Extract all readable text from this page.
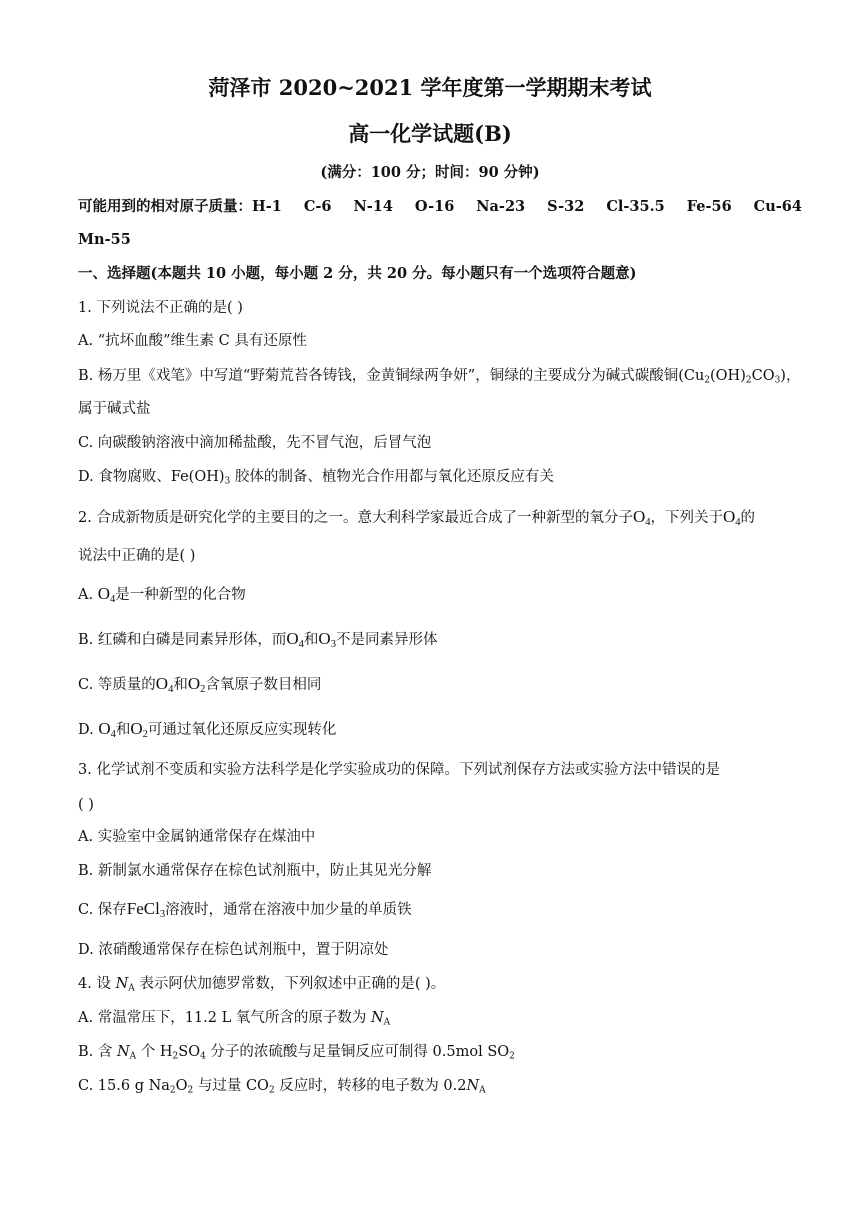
菏泽市 2020~2021 学年度第一学期期末考试
高一化学试题(B)
(满分：100 分；时间：90 分钟)
可能用到的相对原子质量：H-1 C-6 N-14 O-16 Na-23 S-32 Cl-35.5 Fe-56 Cu-64
Mn-55
一、选择题(本题共 10 小题，每小题 2 分，共 20 分。每小题只有一个选项符合题意)
1. 下列说法不正确的是( )
A. “抗坏血酸”维生素 C 具有还原性
B. 杨万里《戏笔》中写道“野菊荒苔各铸钱，金黄铜绿两争妍”，铜绿的主要成分为碱式碳酸铜$(Cu_2(OH)_2CO_3)$，
属于碱式盐
C. 向碳酸钠溶液中滴加稀盐酸，先不冒气泡，后冒气泡
D. 食物腐败、$Fe(OH)_3$ 胶体的制备、植物光合作用都与氧化还原反应有关
2. 合成新物质是研究化学的主要目的之一。意大利科学家最近合成了一种新型的氧分子$O_4$，下列关于$O_4$的
说法中正确的是( )
A. $O_4$是一种新型的化合物
B. 红磷和白磷是同素异形体，而$O_4$和$O_3$不是同素异形体
C. 等质量的$O_4$和$O_2$含氧原子数目相同
D. $O_4$和$O_2$可通过氧化还原反应实现转化
3. 化学试剂不变质和实验方法科学是化学实验成功的保障。下列试剂保存方法或实验方法中错误的是
( )
A. 实验室中金属钠通常保存在煤油中
B. 新制氯水通常保存在棕色试剂瓶中，防止其见光分解
C. 保存FeCl$_3$溶液时，通常在溶液中加少量的单质铁
D. 浓硝酸通常保存在棕色试剂瓶中，置于阴凉处
4. 设 $N_A$ 表示阿伏加德罗常数，下列叙述中正确的是( )。
A. 常温常压下，11.2 L 氧气所含的原子数为 $N_A$
B. 含 $N_A$ 个 $H_2SO_4$ 分子的浓硫酸与足量铜反应可制得 0.5mol $SO_2$
C. 15.6 g $Na_2O_2$ 与过量 $CO_2$ 反应时，转移的电子数为 $0.2N_A$
